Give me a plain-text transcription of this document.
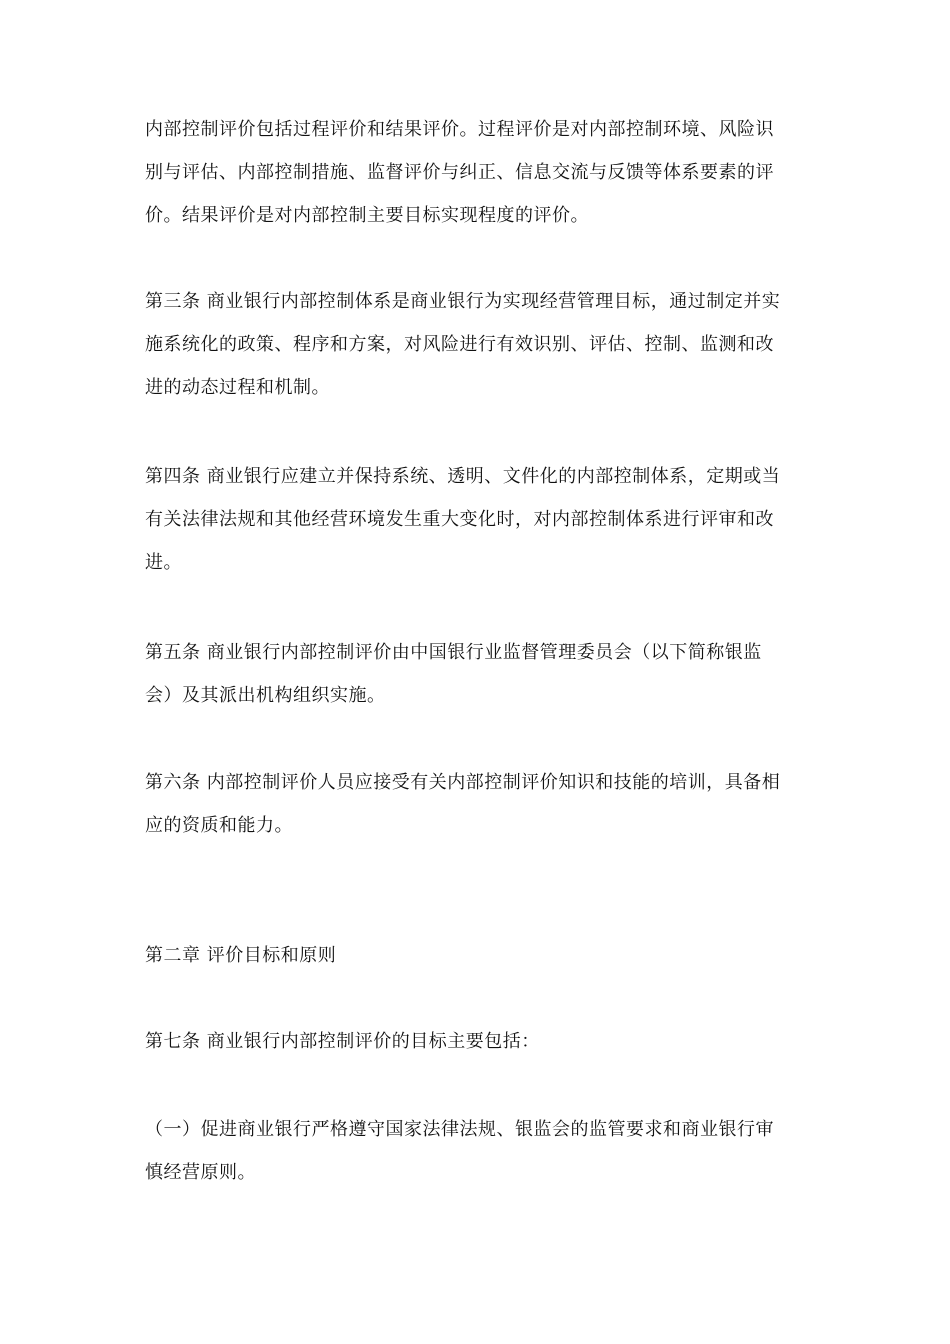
内部控制评价包括过程评价和结果评价。过程评价是对内部控制环境、风险识
别与评估、内部控制措施、监督评价与纠正、信息交流与反馈等体系要素的评
价。结果评价是对内部控制主要目标实现程度的评价。

第三条 商业银行内部控制体系是商业银行为实现经营管理目标，通过制定并实
施系统化的政策、程序和方案，对风险进行有效识别、评估、控制、监测和改
进的动态过程和机制。

第四条 商业银行应建立并保持系统、透明、文件化的内部控制体系，定期或当
有关法律法规和其他经营环境发生重大变化时，对内部控制体系进行评审和改
进。

第五条 商业银行内部控制评价由中国银行业监督管理委员会（以下简称银监
会）及其派出机构组织实施。

第六条 内部控制评价人员应接受有关内部控制评价知识和技能的培训，具备相
应的资质和能力。

第二章 评价目标和原则

第七条 商业银行内部控制评价的目标主要包括：

（一）促进商业银行严格遵守国家法律法规、银监会的监管要求和商业银行审
慎经营原则。
